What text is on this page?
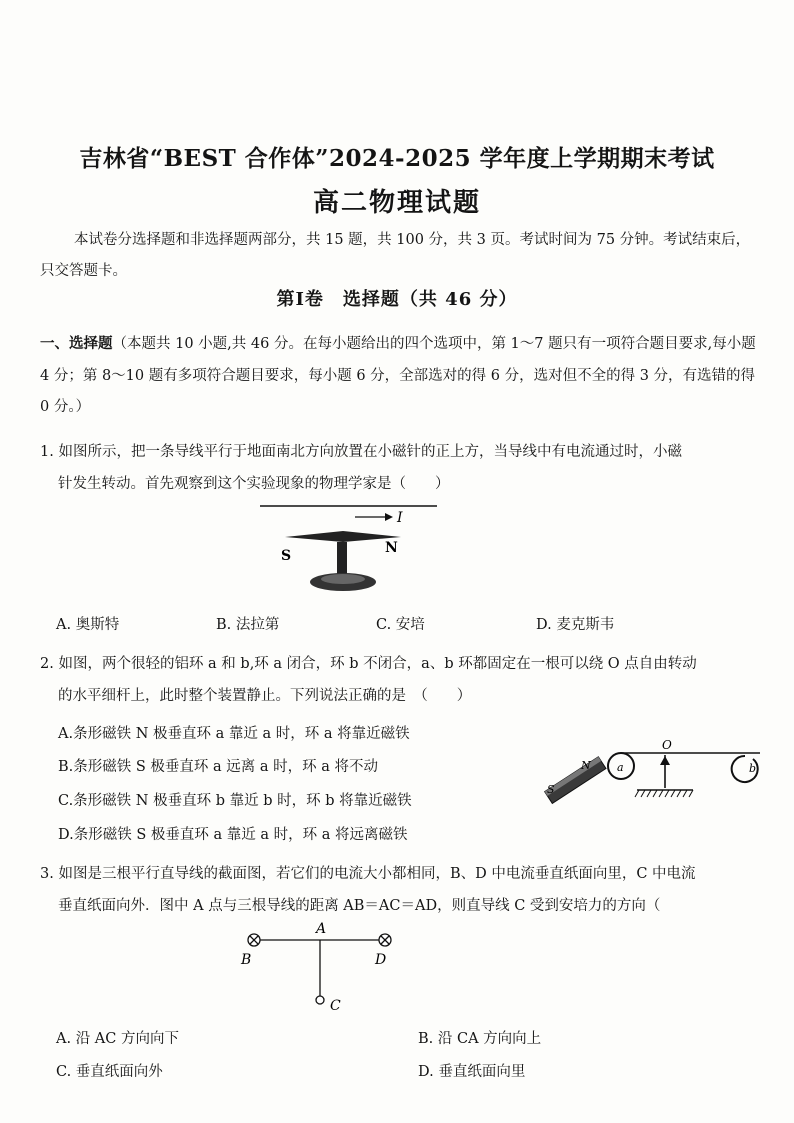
吉林省“BEST 合作体”2024-2025 学年度上学期期末考试
高二物理试题
本试卷分选择题和非选择题两部分，共 15 题，共 100 分，共 3 页。考试时间为 75 分钟。考试结束后，只交答题卡。
第Ⅰ卷　选择题（共 46 分）
一、选择题（本题共 10 小题,共 46 分。在每小题给出的四个选项中，第 1～7 题只有一项符合题目要求,每小题 4 分；第 8～10 题有多项符合题目要求，每小题 6 分，全部选对的得 6 分，选对但不全的得 3 分，有选错的得 0 分。）
1. 如图所示，把一条导线平行于地面南北方向放置在小磁针的正上方，当导线中有电流通过时，小磁
针发生转动。首先观察到这个实验现象的物理学家是（　　）
I
S	N
A. 奥斯特	B. 法拉第	C. 安培	D. 麦克斯韦
2. 如图，两个很轻的铝环 a 和 b,环 a 闭合，环 b 不闭合，a、b 环都固定在一根可以绕 O 点自由转动
的水平细杆上，此时整个装置静止。下列说法正确的是　（　　）
A.条形磁铁 N 极垂直环 a 靠近 a 时，环 a 将靠近磁铁
B.条形磁铁 S 极垂直环 a 远离 a 时，环 a 将不动
C.条形磁铁 N 极垂直环 b 靠近 b 时，环 b 将靠近磁铁
D.条形磁铁 S 极垂直环 a 靠近 a 时，环 a 将远离磁铁
O
a	b
N
S
3. 如图是三根平行直导线的截面图，若它们的电流大小都相同，B、D 中电流垂直纸面向里，C 中电流
垂直纸面向外．图中 A 点与三根导线的距离 AB＝AC＝AD，则直导线 C 受到安培力的方向（
A
B	D
C
A. 沿 AC 方向向下	B. 沿 CA 方向向上
C. 垂直纸面向外	D. 垂直纸面向里
